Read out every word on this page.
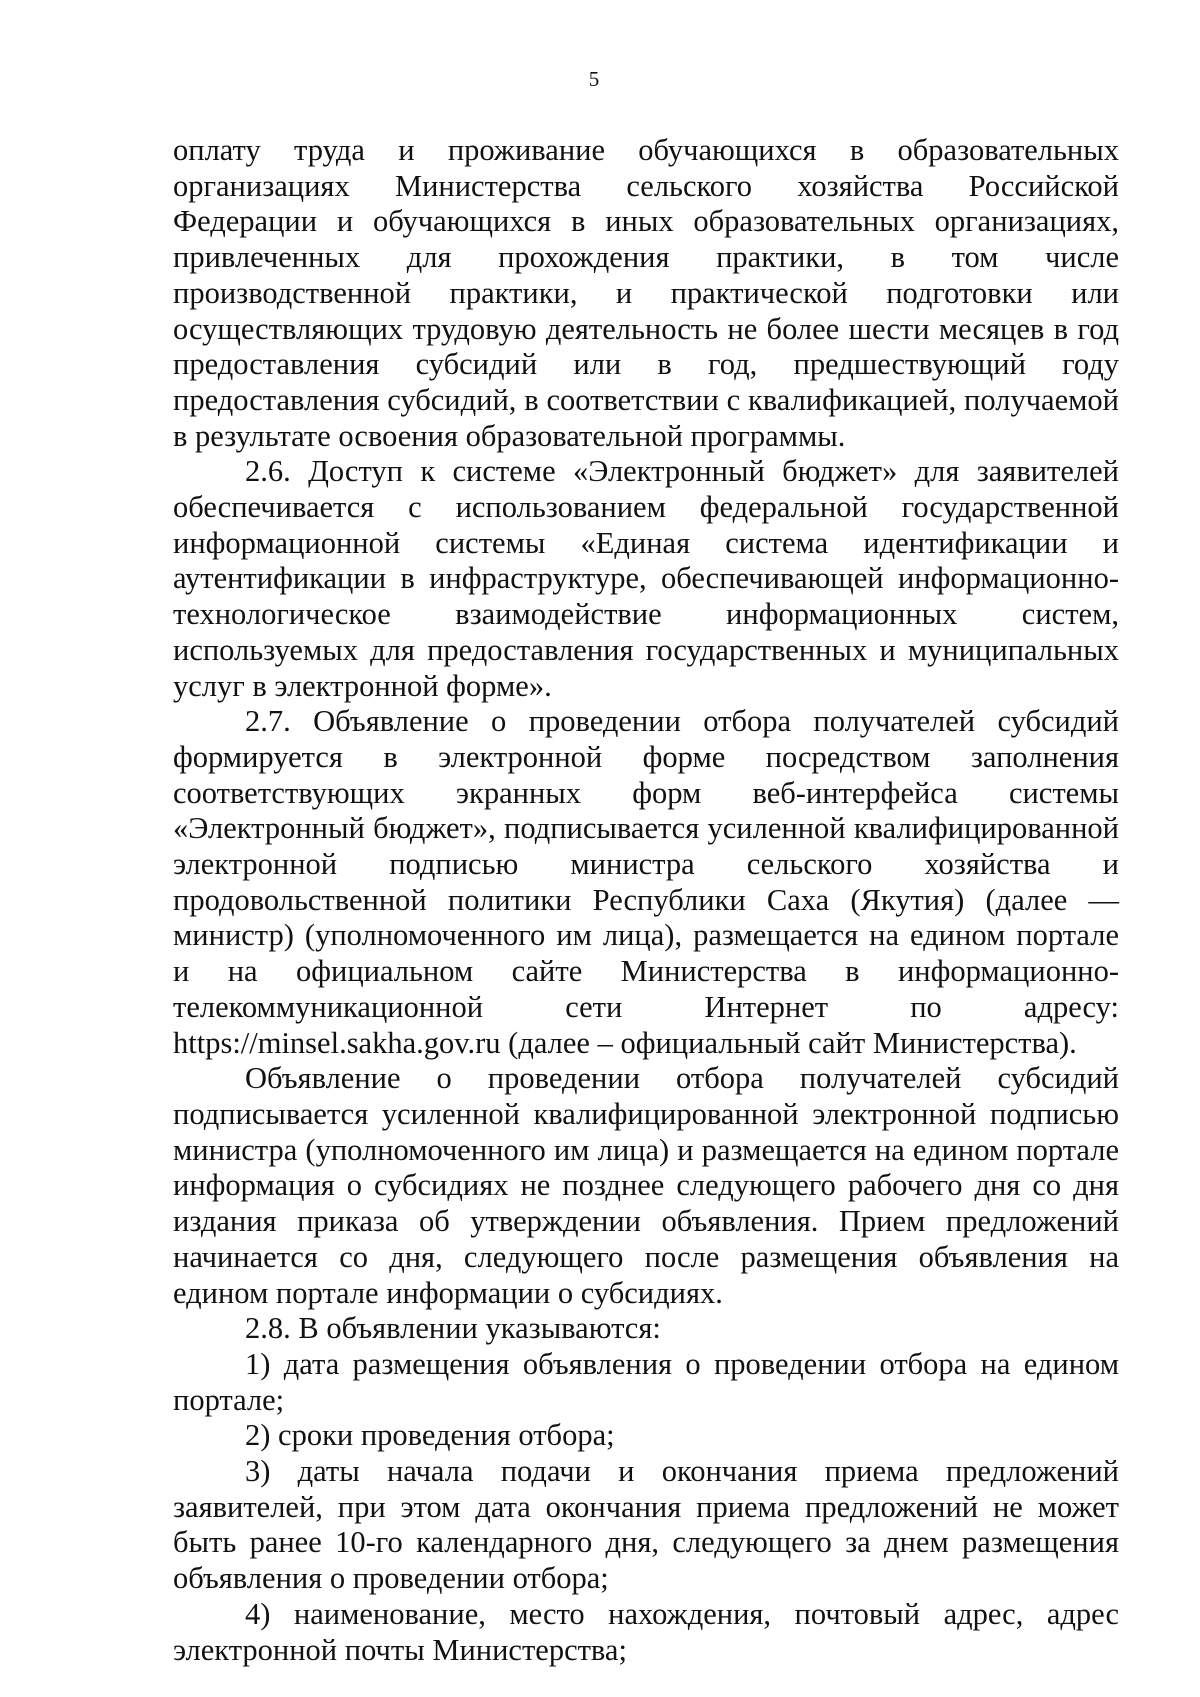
5

оплату труда и проживание обучающихся в образовательных организациях Министерства сельского хозяйства Российской Федерации и обучающихся в иных образовательных организациях, привлеченных для прохождения практики, в том числе производственной практики, и практической подготовки или осуществляющих трудовую деятельность не более шести месяцев в год предоставления субсидий или в год, предшествующий году предоставления субсидий, в соответствии с квалификацией, получаемой в результате освоения образовательной программы.

2.6. Доступ к системе «Электронный бюджет» для заявителей обеспечивается с использованием федеральной государственной информационной системы «Единая система идентификации и аутентификации в инфраструктуре, обеспечивающей информационно-технологическое взаимодействие информационных систем, используемых для предоставления государственных и муниципальных услуг в электронной форме».

2.7. Объявление о проведении отбора получателей субсидий формируется в электронной форме посредством заполнения соответствующих экранных форм веб-интерфейса системы «Электронный бюджет», подписывается усиленной квалифицированной электронной подписью министра сельского хозяйства и продовольственной политики Республики Саха (Якутия) (далее — министр) (уполномоченного им лица), размещается на едином портале и на официальном сайте Министерства в информационно-телекоммуникационной сети Интернет по адресу: https://minsel.sakha.gov.ru (далее – официальный сайт Министерства).

Объявление о проведении отбора получателей субсидий подписывается усиленной квалифицированной электронной подписью министра (уполномоченного им лица) и размещается на едином портале информация о субсидиях не позднее следующего рабочего дня со дня издания приказа об утверждении объявления. Прием предложений начинается со дня, следующего после размещения объявления на едином портале информации о субсидиях.

2.8. В объявлении указываются:

1) дата размещения объявления о проведении отбора на едином портале;

2) сроки проведения отбора;

3) даты начала подачи и окончания приема предложений заявителей, при этом дата окончания приема предложений не может быть ранее 10-го календарного дня, следующего за днем размещения объявления о проведении отбора;

4) наименование, место нахождения, почтовый адрес, адрес электронной почты Министерства;
